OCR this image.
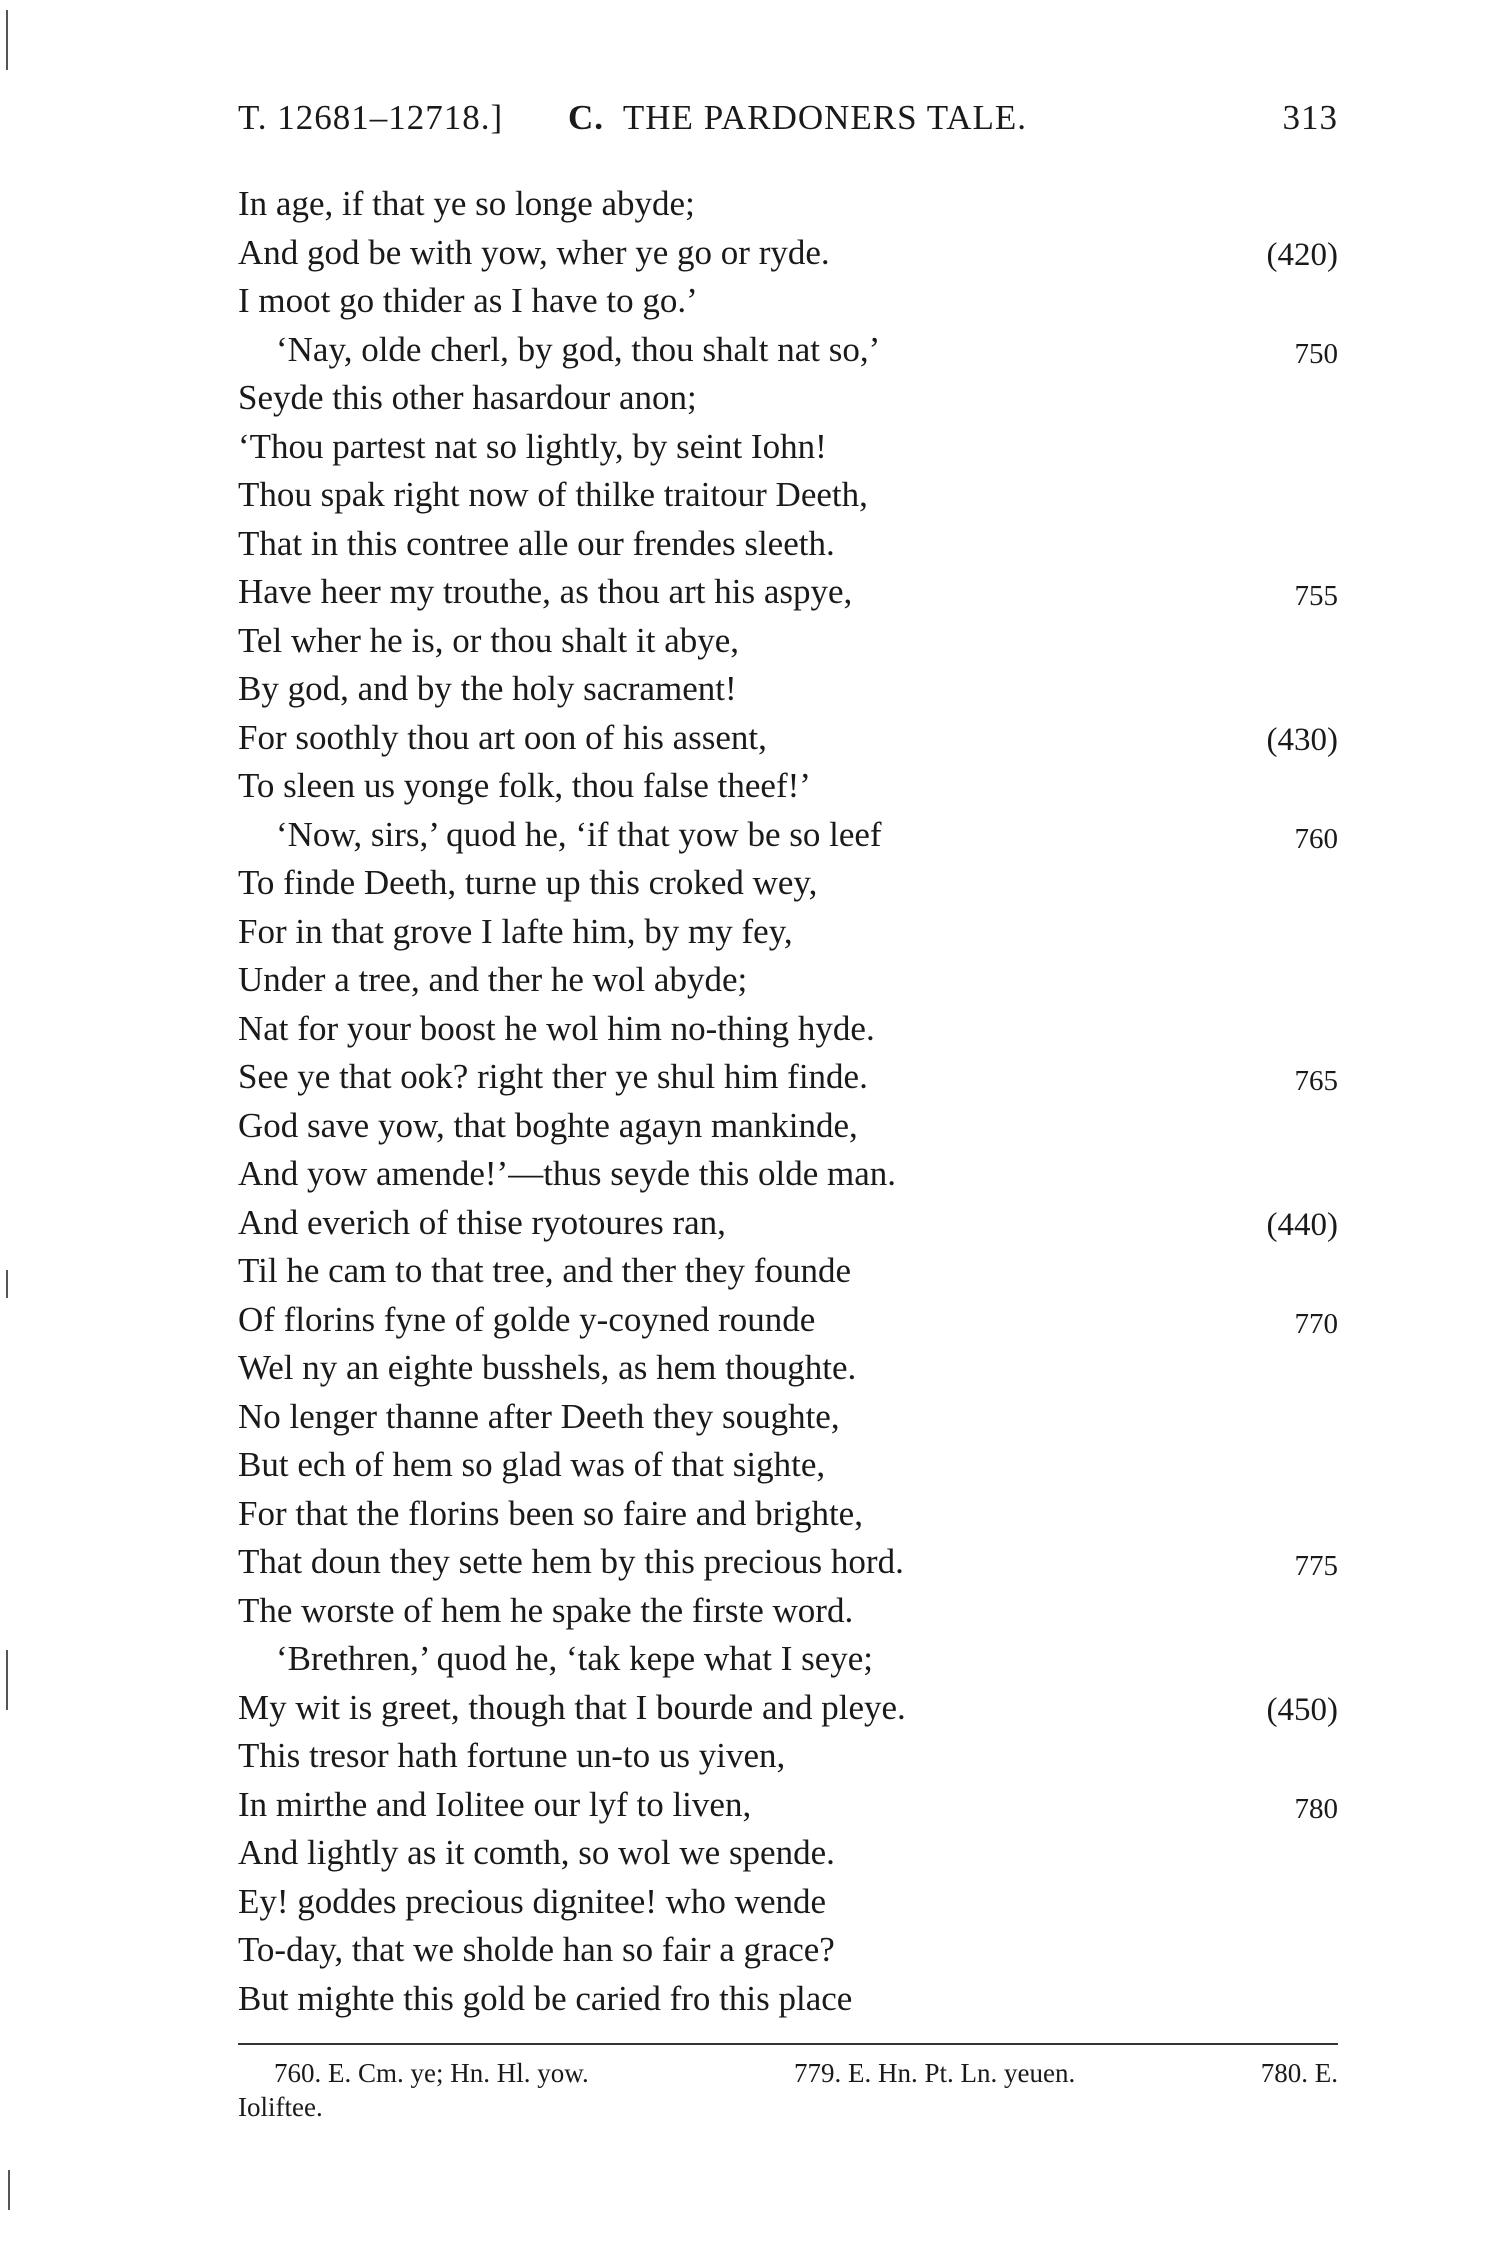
T. 12681–12718.] C. THE PARDONERS TALE.	313
In age, if that ye so longe abyde;
And god be with yow, wher ye go or ryde.	(420)
I moot go thider as I have to go.’
‘Nay, olde cherl, by god, thou shalt nat so,’	750
Seyde this other hasardour anon;
‘Thou partest nat so lightly, by seint Iohn!
Thou spak right now of thilke traitour Deeth,
That in this contree alle our frendes sleeth.
Have heer my trouthe, as thou art his aspye,	755
Tel wher he is, or thou shalt it abye,
By god, and by the holy sacrament!
For soothly thou art oon of his assent,	(430)
To sleen us yonge folk, thou false theef!’
‘Now, sirs,’ quod he, ‘if that yow be so leef	760
To finde Deeth, turne up this croked wey,
For in that grove I lafte him, by my fey,
Under a tree, and ther he wol abyde;
Nat for your boost he wol him no-thing hyde.
See ye that ook? right ther ye shul him finde.	765
God save yow, that boghte agayn mankinde,
And yow amende!’—thus seyde this olde man.
And everich of thise ryotoures ran,	(440)
Til he cam to that tree, and ther they founde
Of florins fyne of golde y-coyned rounde	770
Wel ny an eighte busshels, as hem thoughte.
No lenger thanne after Deeth they soughte,
But ech of hem so glad was of that sighte,
For that the florins been so faire and brighte,
That doun they sette hem by this precious hord.	775
The worste of hem he spake the firste word.
‘Brethren,’ quod he, ‘tak kepe what I seye;
My wit is greet, though that I bourde and pleye.	(450)
This tresor hath fortune un-to us yiven,
In mirthe and Iolitee our lyf to liven,	780
And lightly as it comth, so wol we spende.
Ey! goddes precious dignitee! who wende
To-day, that we sholde han so fair a grace?
But mighte this gold be caried fro this place
760. E. Cm. ye; Hn. Hl. yow.	779. E. Hn. Pt. Ln. yeuen.	780. E.
Ioliftee.
